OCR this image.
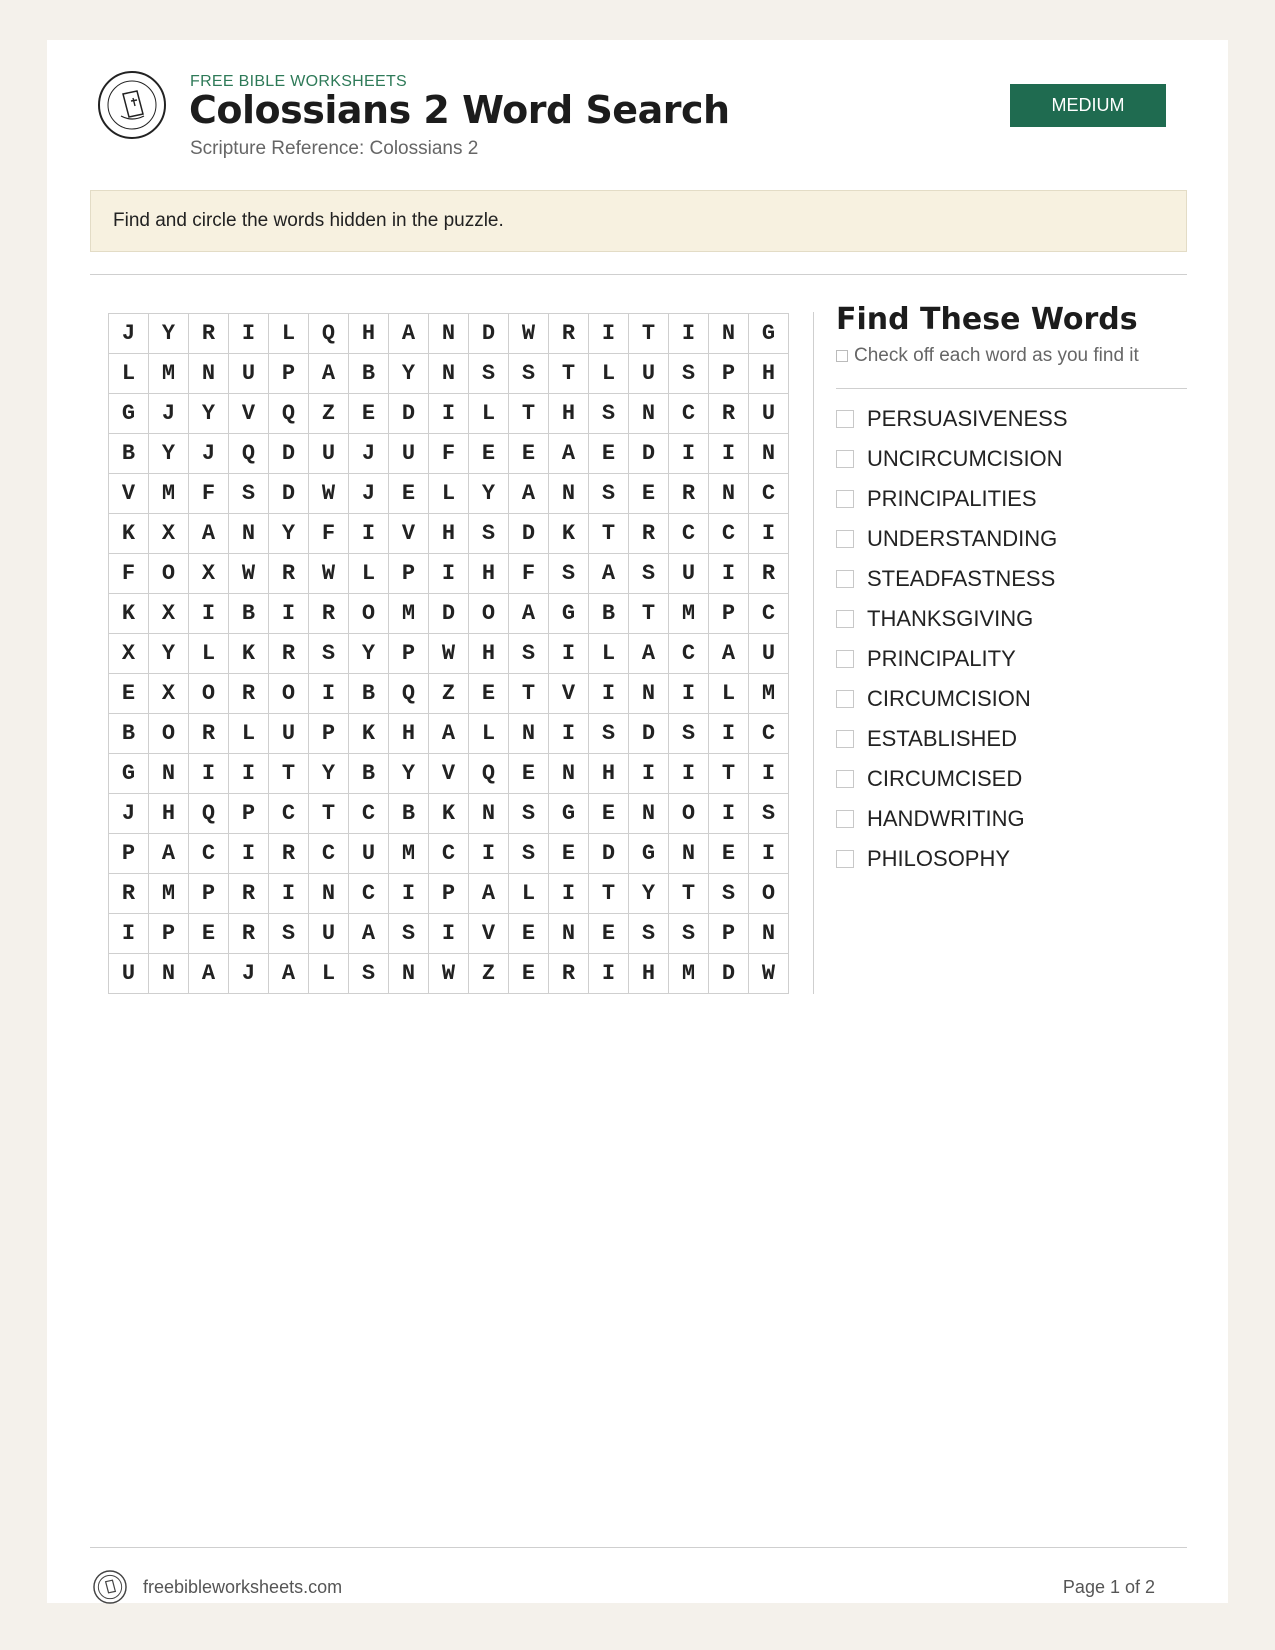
FREE BIBLE WORKSHEETS
Colossians 2 Word Search
Scripture Reference: Colossians 2
MEDIUM
Find and circle the words hidden in the puzzle.
J	Y	R	I	L	Q	H	A	N	D	W	R	I	T	I	N	G
L	M	N	U	P	A	B	Y	N	S	S	T	L	U	S	P	H
G	J	Y	V	Q	Z	E	D	I	L	T	H	S	N	C	R	U
B	Y	J	Q	D	U	J	U	F	E	E	A	E	D	I	I	N
V	M	F	S	D	W	J	E	L	Y	A	N	S	E	R	N	C
K	X	A	N	Y	F	I	V	H	S	D	K	T	R	C	C	I
F	O	X	W	R	W	L	P	I	H	F	S	A	S	U	I	R
K	X	I	B	I	R	O	M	D	O	A	G	B	T	M	P	C
X	Y	L	K	R	S	Y	P	W	H	S	I	L	A	C	A	U
E	X	O	R	O	I	B	Q	Z	E	T	V	I	N	I	L	M
B	O	R	L	U	P	K	H	A	L	N	I	S	D	S	I	C
G	N	I	I	T	Y	B	Y	V	Q	E	N	H	I	I	T	I
J	H	Q	P	C	T	C	B	K	N	S	G	E	N	O	I	S
P	A	C	I	R	C	U	M	C	I	S	E	D	G	N	E	I
R	M	P	R	I	N	C	I	P	A	L	I	T	Y	T	S	O
I	P	E	R	S	U	A	S	I	V	E	N	E	S	S	P	N
U	N	A	J	A	L	S	N	W	Z	E	R	I	H	M	D	W
Find These Words
Check off each word as you find it
PERSUASIVENESS
UNCIRCUMCISION
PRINCIPALITIES
UNDERSTANDING
STEADFASTNESS
THANKSGIVING
PRINCIPALITY
CIRCUMCISION
ESTABLISHED
CIRCUMCISED
HANDWRITING
PHILOSOPHY
freebibleworksheets.com	Page 1 of 2
